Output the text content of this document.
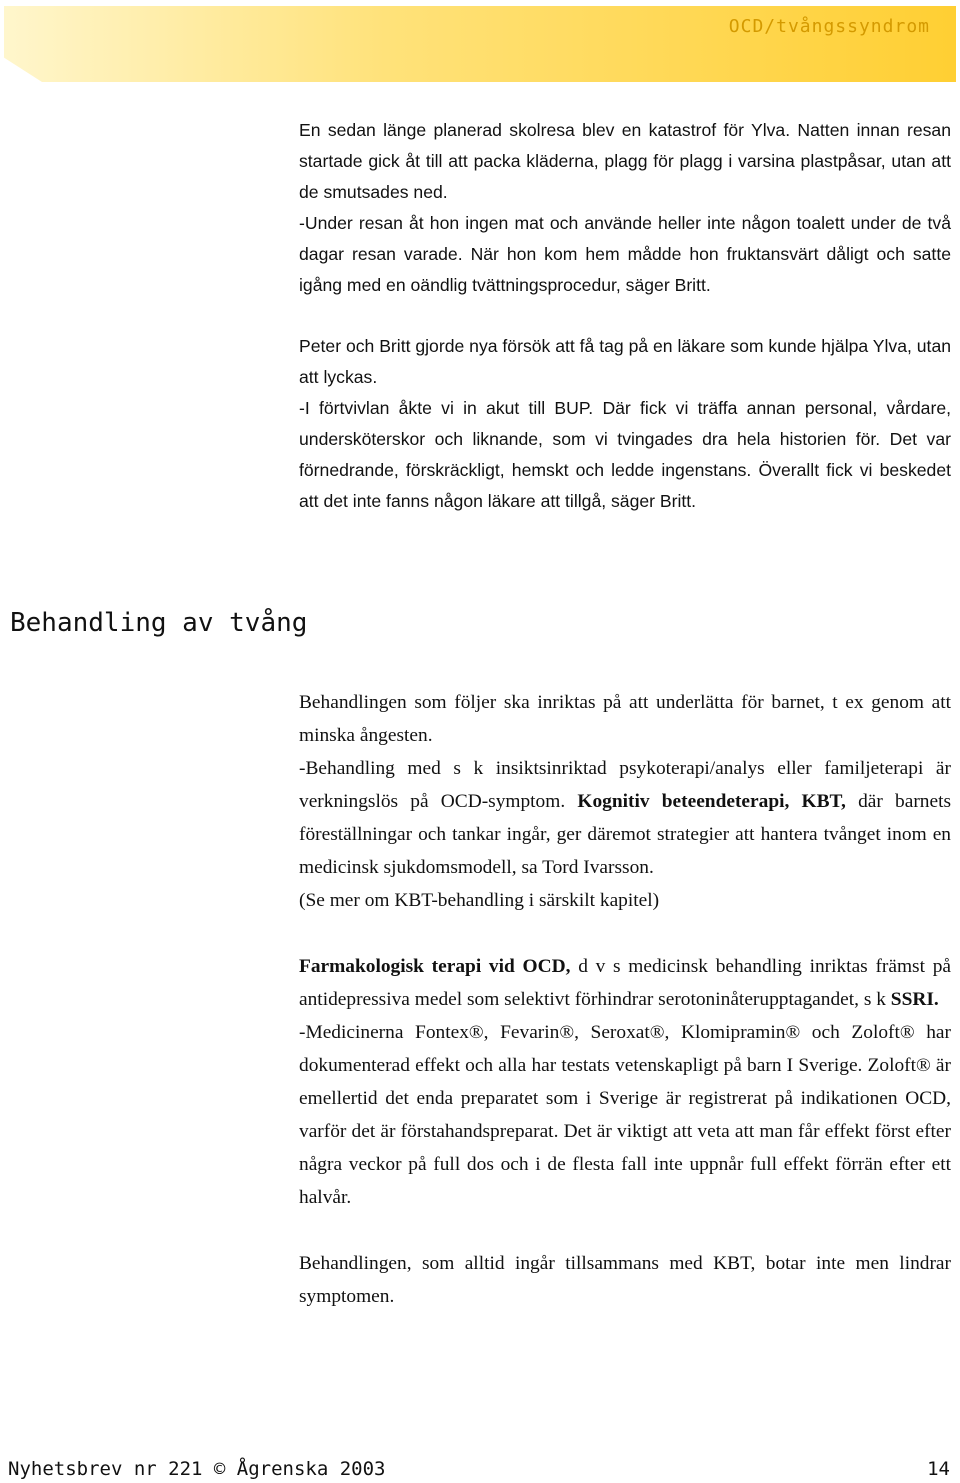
OCD/tvångssyndrom

En sedan länge planerad skolresa blev en katastrof för Ylva. Natten innan resan startade gick åt till att packa kläderna, plagg för plagg i varsina plastpåsar, utan att de smutsades ned.

-Under resan åt hon ingen mat och använde heller inte någon toalett under de två dagar resan varade. När hon kom hem mådde hon fruktansvärt dåligt och satte igång med en oändlig tvättningsprocedur, säger Britt.

Peter och Britt gjorde nya försök att få tag på en läkare som kunde hjälpa Ylva, utan att lyckas.

-I förtvivlan åkte vi in akut till BUP. Där fick vi träffa annan personal, vårdare, undersköterskor och liknande, som vi tvingades dra hela historien för. Det var förnedrande, förskräckligt, hemskt och ledde ingenstans. Överallt fick vi beskedet att det inte fanns någon läkare att tillgå, säger Britt.

Behandling av tvång

Behandlingen som följer ska inriktas på att underlätta för barnet, t ex genom att minska ångesten.

-Behandling med s k insiktsinriktad psykoterapi/analys eller familjeterapi är verkningslös på OCD-symptom. Kognitiv beteendeterapi, KBT, där barnets föreställningar och tankar ingår, ger däremot strategier att hantera tvånget inom en medicinsk sjukdomsmodell, sa Tord Ivarsson.

(Se mer om KBT-behandling i särskilt kapitel)

Farmakologisk terapi vid OCD, d v s medicinsk behandling inriktas främst på antidepressiva medel som selektivt förhindrar serotoninåterupptagandet, s k SSRI.

-Medicinerna Fontex®, Fevarin®, Seroxat®, Klomipramin® och Zoloft® har dokumenterad effekt och alla har testats vetenskapligt på barn I Sverige. Zoloft® är emellertid det enda preparatet som i Sverige är registrerat på indikationen OCD, varför det är förstahandspreparat. Det är viktigt att veta att man får effekt först efter några veckor på full dos och i de flesta fall inte uppnår full effekt förrän efter ett halvår.

Behandlingen, som alltid ingår tillsammans med KBT, botar inte men lindrar symptomen.

Nyhetsbrev nr 221 © Ågrenska 2003	14
